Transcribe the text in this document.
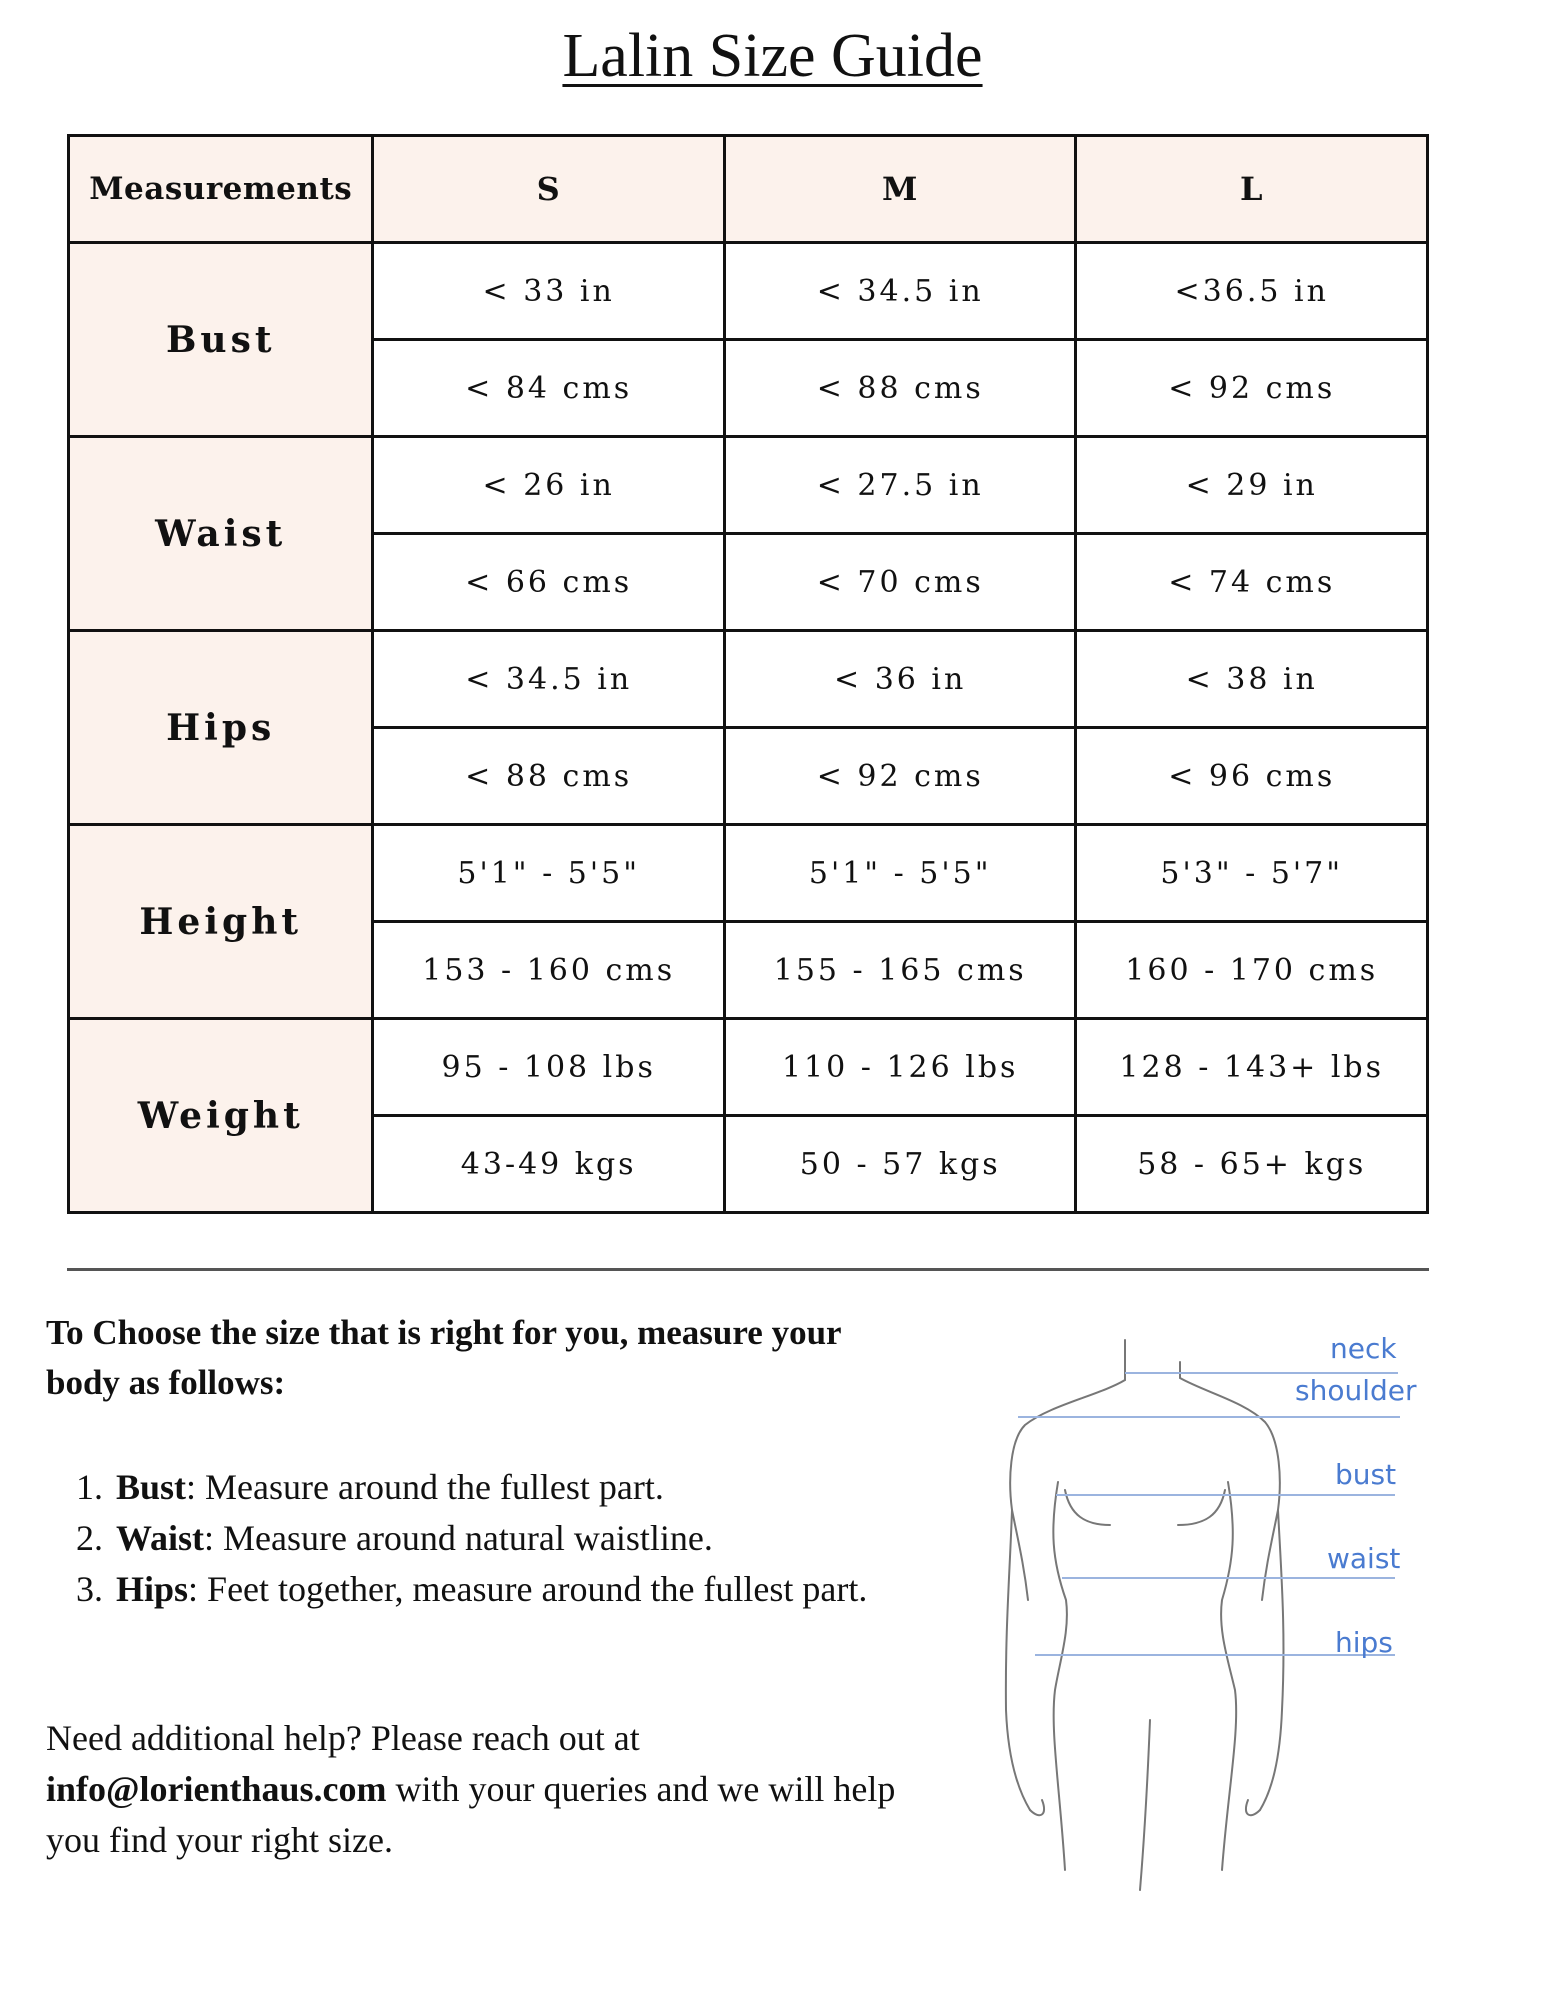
Lalin Size Guide
Measurements	S	M	L
Bust	< 33 in	< 34.5 in	<36.5 in
	< 84 cms	< 88 cms	< 92 cms
Waist	< 26 in	< 27.5 in	< 29 in
	< 66 cms	< 70 cms	< 74 cms
Hips	< 34.5 in	< 36 in	< 38 in
	< 88 cms	< 92 cms	< 96 cms
Height	5'1" - 5'5"	5'1" - 5'5"	5'3" - 5'7"
	153 - 160 cms	155 - 165 cms	160 - 170 cms
Weight	95 - 108 lbs	110 - 126 lbs	128 - 143+ lbs
	43-49 kgs	50 - 57 kgs	58 - 65+ kgs
To Choose the size that is right for you, measure your body as follows:
1. Bust: Measure around the fullest part.
2. Waist: Measure around natural waistline.
3. Hips: Feet together, measure around the fullest part.
Need additional help? Please reach out at info@lorienthaus.com with your queries and we will help you find your right size.
neck
shoulder
bust
waist
hips
